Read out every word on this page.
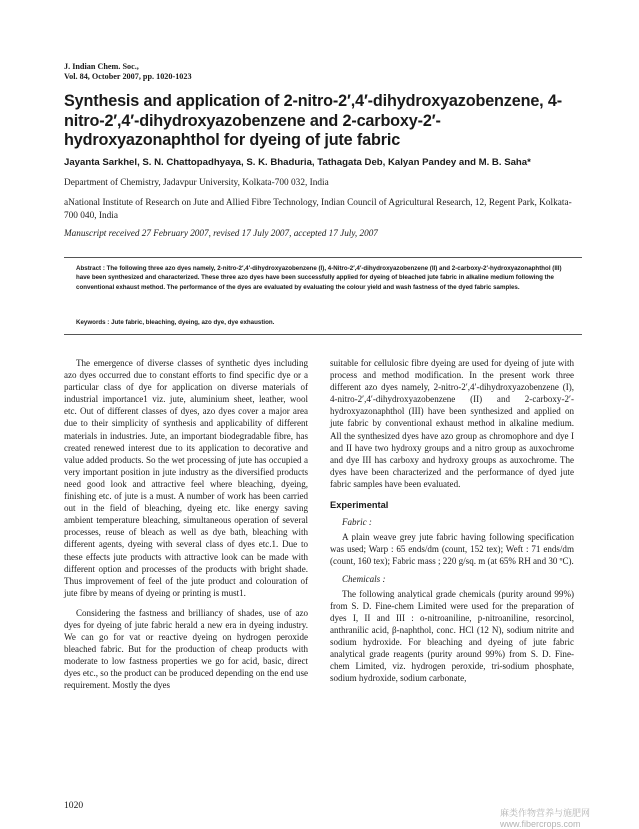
J. Indian Chem. Soc.,
Vol. 84, October 2007, pp. 1020-1023
Synthesis and application of 2-nitro-2′,4′-dihydroxyazobenzene, 4-nitro-2′,4′-dihydroxyazobenzene and 2-carboxy-2′-hydroxyazonaphthol for dyeing of jute fabric
Jayanta Sarkhel, S. N. Chattopadhyaya, S. K. Bhaduria, Tathagata Deb, Kalyan Pandey and M. B. Saha*
Department of Chemistry, Jadavpur University, Kolkata-700 032, India
aNational Institute of Research on Jute and Allied Fibre Technology, Indian Council of Agricultural Research, 12, Regent Park, Kolkata-700 040, India
Manuscript received 27 February 2007, revised 17 July 2007, accepted 17 July, 2007
Abstract : The following three azo dyes namely, 2-nitro-2′,4′-dihydroxyazobenzene (I), 4-Nitro-2′,4′-dihydroxyazobenzene (II) and 2-carboxy-2′-hydroxyazonaphthol (III) have been synthesized and characterized. These three azo dyes have been successfully applied for dyeing of bleached jute fabric in alkaline medium following the conventional exhaust method. The performance of the dyes are evaluated by evaluating the colour yield and wash fastness of the dyed fabric samples.
Keywords : Jute fabric, bleaching, dyeing, azo dye, dye exhaustion.

The emergence of diverse classes of synthetic dyes including azo dyes occurred due to constant efforts to find specific dye or a particular class of dye for application on diverse materials of industrial importance1 viz. jute, aluminium sheet, leather, wool etc. Out of different classes of dyes, azo dyes cover a major area due to their simplicity of synthesis and applicability of different materials in industries. Jute, an important biodegradable fibre, has created renewed interest due to its application to decorative and value added products. So the wet processing of jute has occupied a very important position in jute industry as the diversified products need good look and attractive feel where bleaching, dyeing, finishing etc. of jute is a must. A number of work has been carried out in the field of bleaching, dyeing etc. like energy saving ambient temperature bleaching, simultaneous operation of several processes, reuse of bleach as well as dye bath, bleaching with different agents, dyeing with several class of dyes etc.1. Due to these effects jute products with attractive look can be made with different option and processes of the products with bright shade. Thus improvement of feel of the jute product and colouration of jute fibre by means of dyeing or printing is must1.

Considering the fastness and brilliancy of shades, use of azo dyes for dyeing of jute fabric herald a new era in dyeing industry. We can go for vat or reactive dyeing on hydrogen peroxide bleached fabric. But for the production of cheap products with moderate to low fastness properties we go for acid, basic, direct dyes etc., so the product can be produced depending on the end use requirement. Mostly the dyes

suitable for cellulosic fibre dyeing are used for dyeing of jute with process and method modification. In the present work three different azo dyes namely, 2-nitro-2′,4′-dihydroxyazobenzene (I), 4-nitro-2′,4′-dihydroxyazobenzene (II) and 2-carboxy-2′-hydroxyazonaphthol (III) have been synthesized and applied on jute fabric by conventional exhaust method in alkaline medium. All the synthesized dyes have azo group as chromophore and dye I and II have two hydroxy groups and a nitro group as auxochrome and dye III has carboxy and hydroxy groups as auxochrome. The dyes have been characterized and the performance of dyed jute fabric samples have been evaluated.

Experimental
Fabric :

A plain weave grey jute fabric having following specification was used; Warp : 65 ends/dm (count, 152 tex); Weft : 71 ends/dm (count, 160 tex); Fabric mass ; 220 g/sq. m (at 65% RH and 30 ºC).

Chemicals :

The following analytical grade chemicals (purity around 99%) from S. D. Fine-chem Limited were used for the preparation of dyes I, II and III : o-nitroaniline, p-nitroaniline, resorcinol, anthranilic acid, β-naphthol, conc. HCl (12 N), sodium nitrite and sodium hydroxide. For bleaching and dyeing of jute fabric analytical grade reagents (purity around 99%) from S. D. Fine-chem Limited, viz. hydrogen peroxide, tri-sodium phosphate, sodium hydroxide, sodium carbonate,

1020
麻类作物营养与施肥网 www.fibercrops.com
